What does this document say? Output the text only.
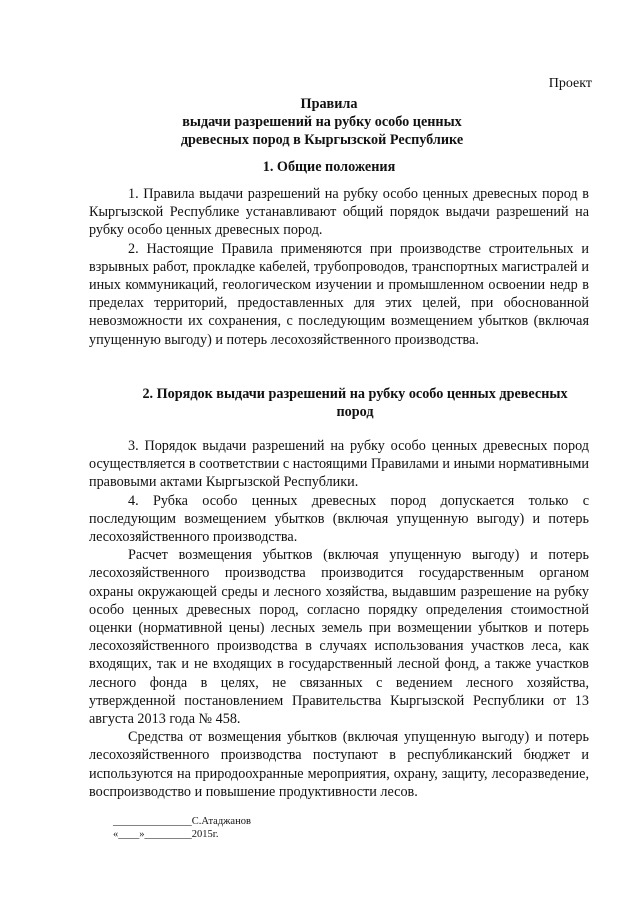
Проект
Правила
выдачи разрешений на рубку особо ценных
древесных пород в Кыргызской Республике
1. Общие положения

1. Правила выдачи разрешений на рубку особо ценных древесных пород в Кыргызской Республике устанавливают общий порядок выдачи разрешений на рубку особо ценных древесных пород.

2. Настоящие Правила применяются при производстве строительных и взрывных работ, прокладке кабелей, трубопроводов, транспортных магистралей и иных коммуникаций, геологическом изучении и промышленном освоении недр в пределах территорий, предоставленных для этих целей, при обоснованной невозможности их сохранения, с последующим возмещением убытков (включая упущенную выгоду) и потерь лесохозяйственного производства.

2. Порядок выдачи разрешений на рубку особо ценных древесных
пород

3. Порядок выдачи разрешений на рубку особо ценных древесных пород осуществляется в соответствии с настоящими Правилами и иными нормативными правовыми актами Кыргызской Республики.

4. Рубка особо ценных древесных пород допускается только с последующим возмещением убытков (включая упущенную выгоду) и потерь лесохозяйственного производства.

Расчет возмещения убытков (включая упущенную выгоду) и потерь лесохозяйственного производства производится государственным органом охраны окружающей среды и лесного хозяйства, выдавшим разрешение на рубку особо ценных древесных пород, согласно порядку определения стоимостной оценки (нормативной цены) лесных земель при возмещении убытков и потерь лесохозяйственного производства в случаях использования участков леса, как входящих, так и не входящих в государственный лесной фонд, а также участков лесного фонда в целях, не связанных с ведением лесного хозяйства, утвержденной постановлением Правительства Кыргызской Республики от 13 августа 2013 года № 458.

Средства от возмещения убытков (включая упущенную выгоду) и потерь лесохозяйственного производства поступают в республиканский бюджет и используются на природоохранные мероприятия, охрану, защиту, лесоразведение, воспроизводство и повышение продуктивности лесов.

_______________С.Атаджанов
«____»_________2015г.
